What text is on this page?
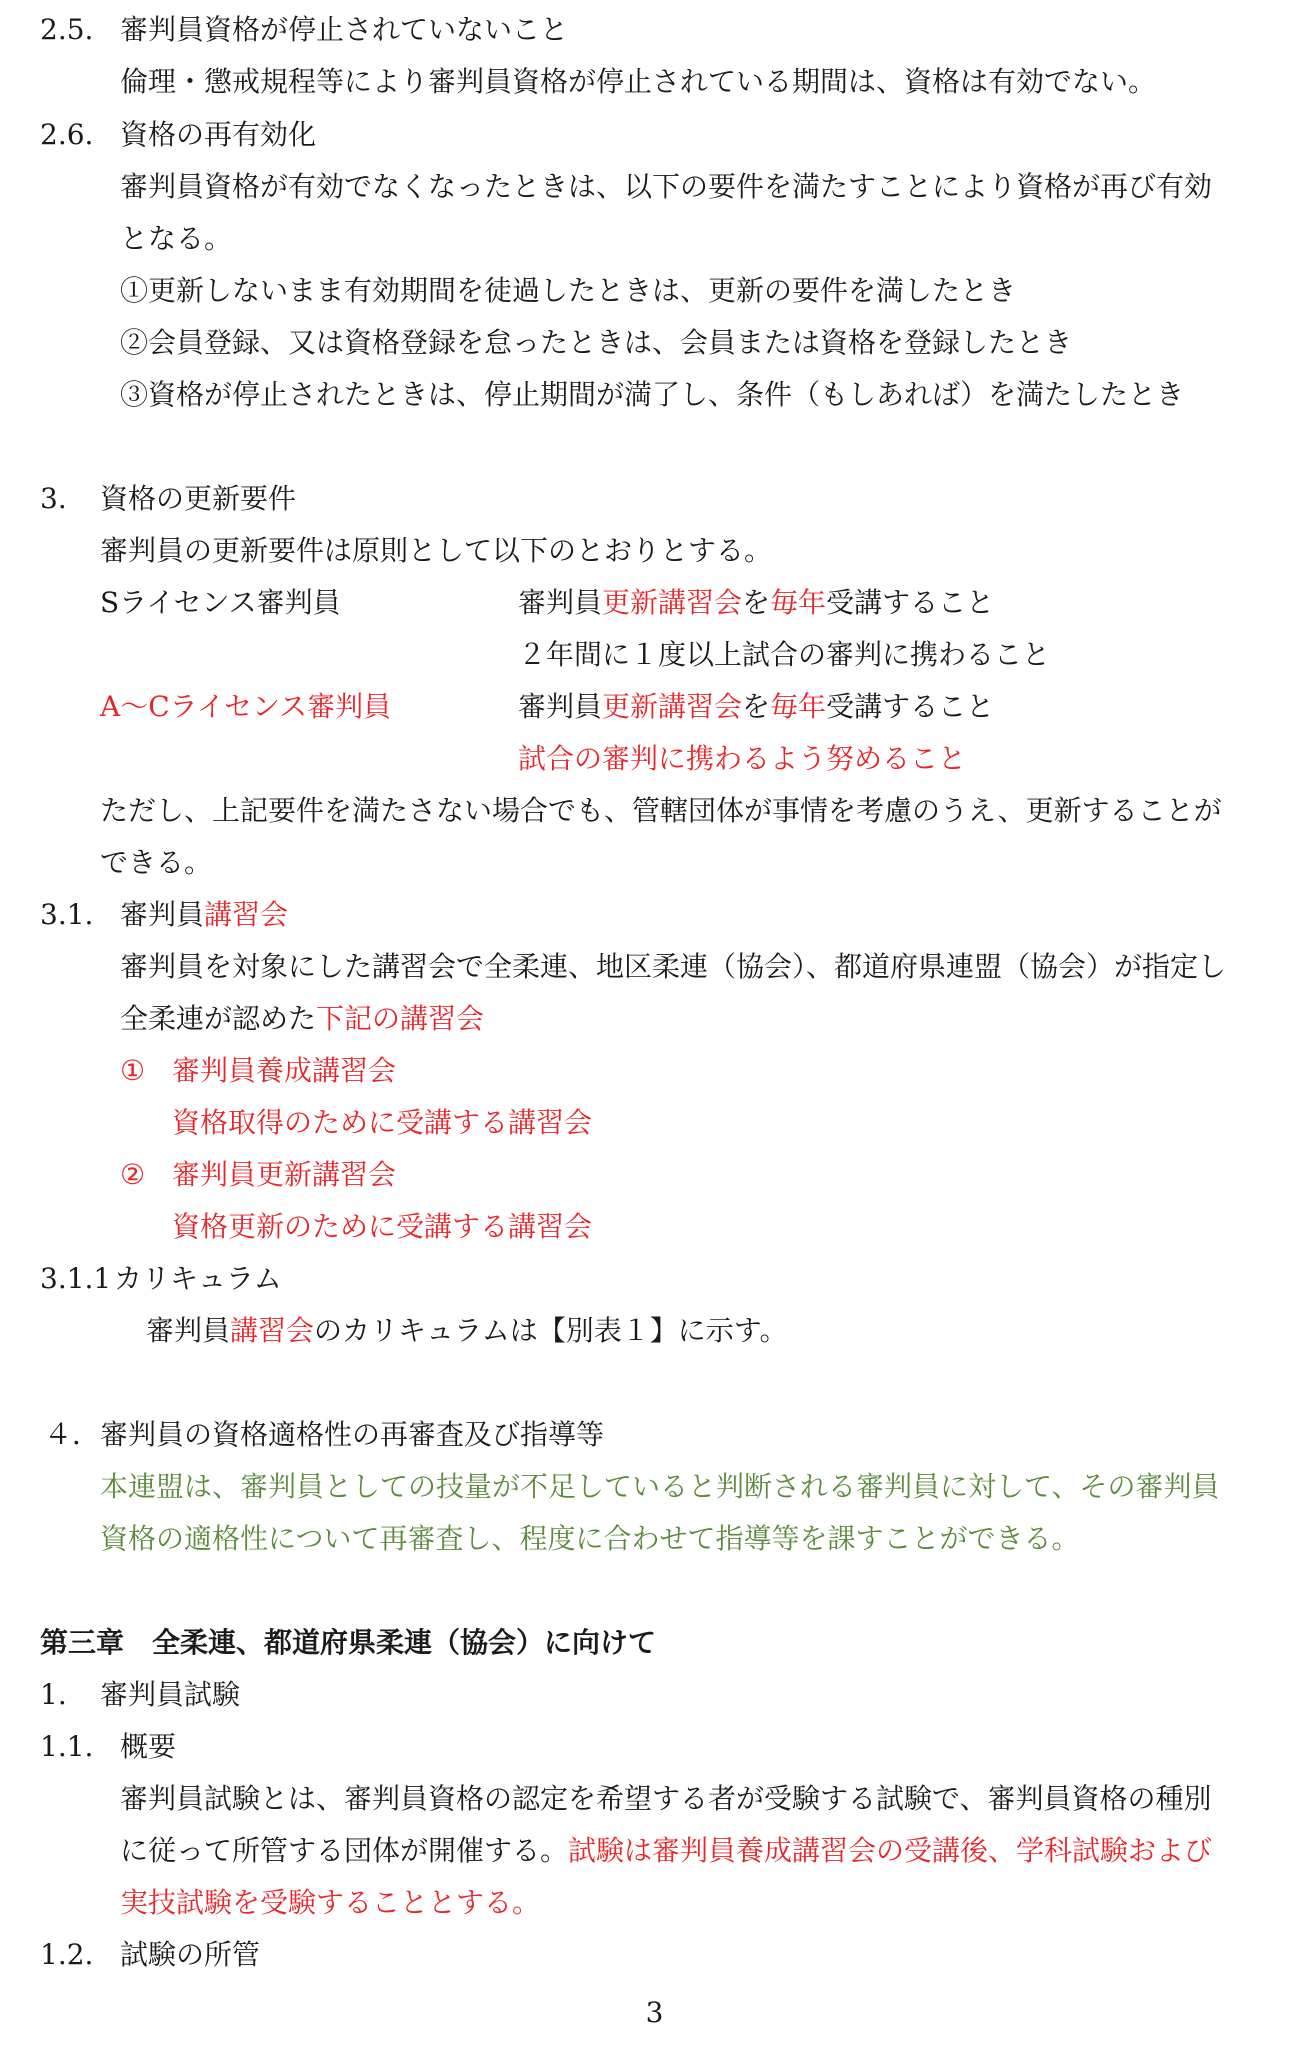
2.5. 審判員資格が停止されていないこと
倫理・懲戒規程等により審判員資格が停止されている期間は、資格は有効でない。
2.6. 資格の再有効化
審判員資格が有効でなくなったときは、以下の要件を満たすことにより資格が再び有効
となる。
①更新しないまま有効期間を徒過したときは、更新の要件を満したとき
②会員登録、又は資格登録を怠ったときは、会員または資格を登録したとき
③資格が停止されたときは、停止期間が満了し、条件（もしあれば）を満たしたとき
3. 資格の更新要件
審判員の更新要件は原則として以下のとおりとする。
Sライセンス審判員	審判員更新講習会を毎年受講すること
２年間に１度以上試合の審判に携わること
A～Cライセンス審判員	審判員更新講習会を毎年受講すること
試合の審判に携わるよう努めること
ただし、上記要件を満たさない場合でも、管轄団体が事情を考慮のうえ、更新することが
できる。
3.1. 審判員講習会
審判員を対象にした講習会で全柔連、地区柔連（協会）、都道府県連盟（協会）が指定し
全柔連が認めた下記の講習会
① 審判員養成講習会
資格取得のために受講する講習会
② 審判員更新講習会
資格更新のために受講する講習会
3.1.1 カリキュラム
審判員講習会のカリキュラムは【別表１】に示す。
４． 審判員の資格適格性の再審査及び指導等
本連盟は、審判員としての技量が不足していると判断される審判員に対して、その審判員
資格の適格性について再審査し、程度に合わせて指導等を課すことができる。
第三章　全柔連、都道府県柔連（協会）に向けて
1. 審判員試験
1.1. 概要
審判員試験とは、審判員資格の認定を希望する者が受験する試験で、審判員資格の種別
に従って所管する団体が開催する。試験は審判員養成講習会の受講後、学科試験および
実技試験を受験することとする。
1.2. 試験の所管
3
